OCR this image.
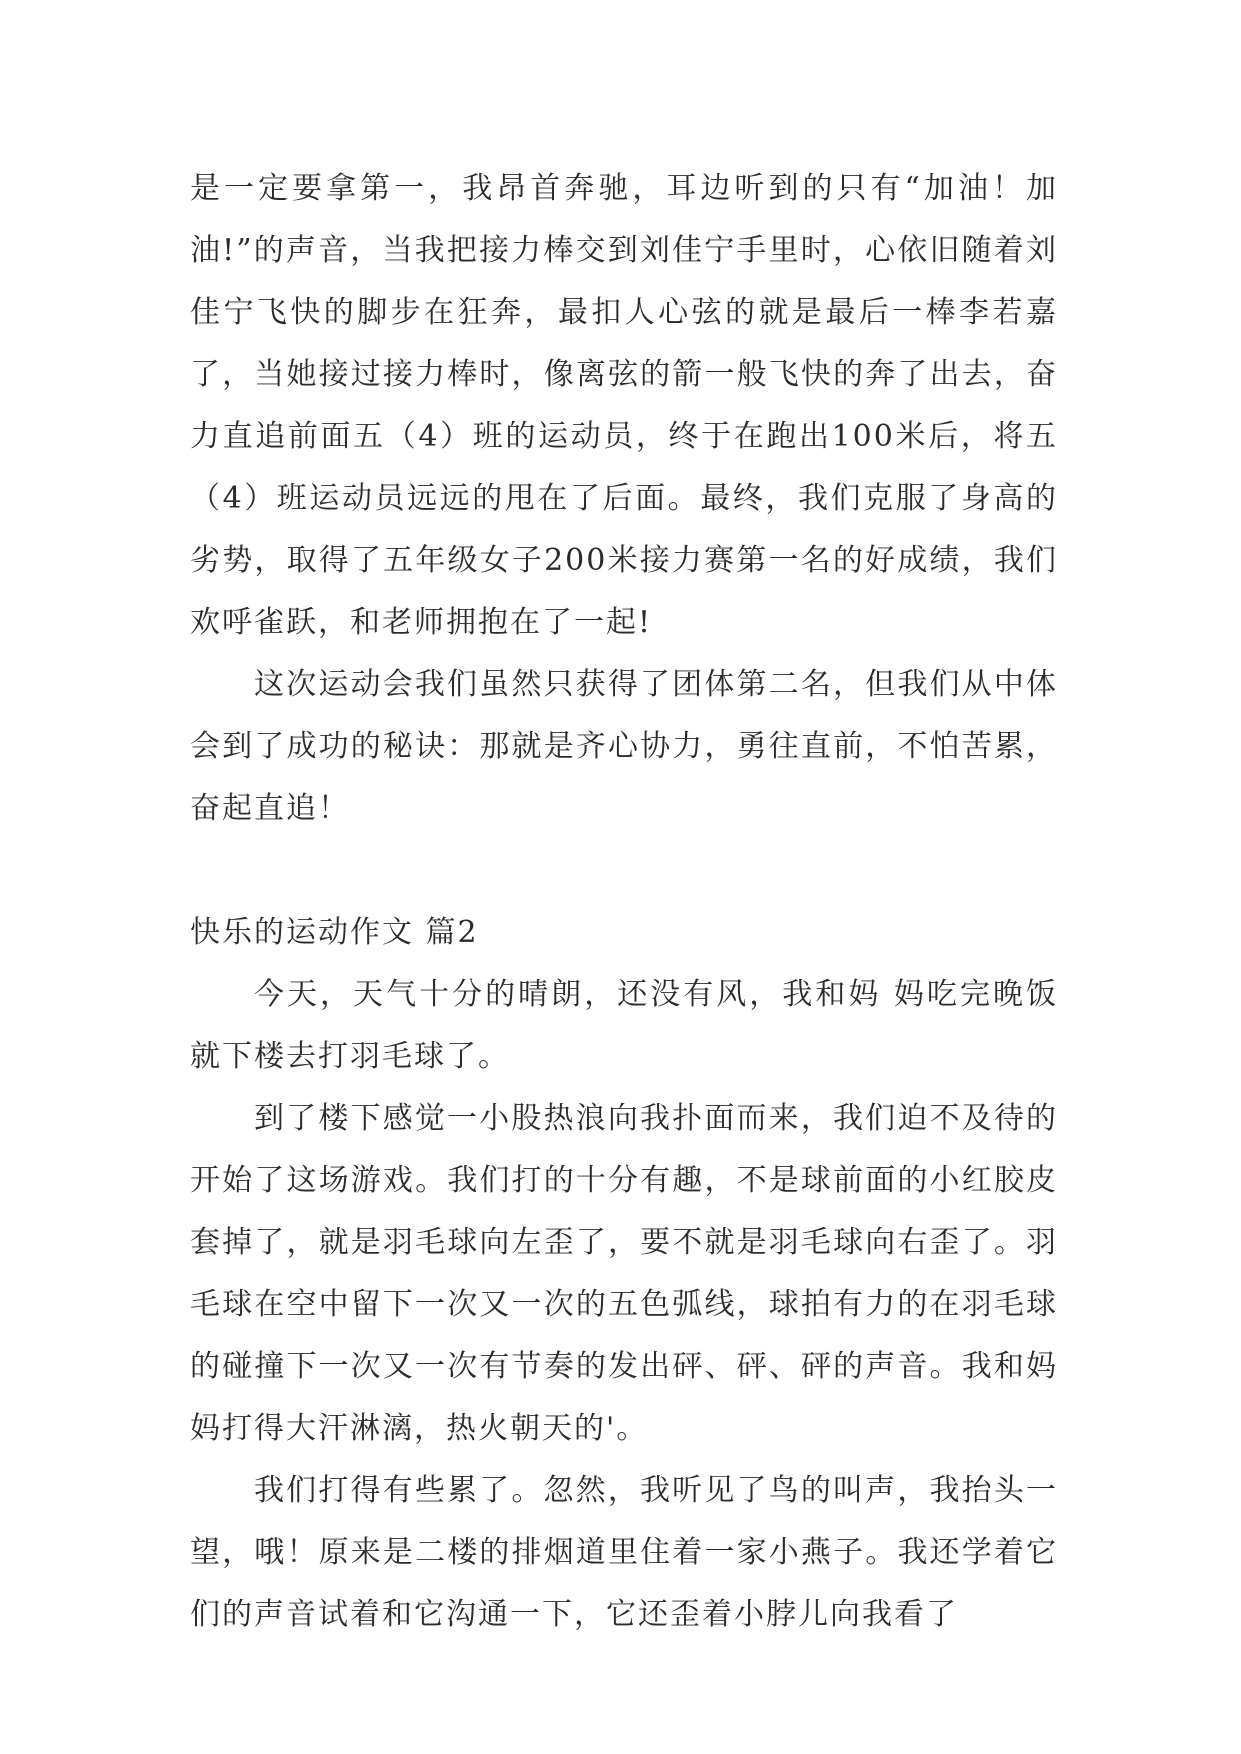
是一定要拿第一，我昂首奔驰，耳边听到的只有“加油！加油!”的声音，当我把接力棒交到刘佳宁手里时，心依旧随着刘佳宁飞快的脚步在狂奔，最扣人心弦的就是最后一棒李若嘉了，当她接过接力棒时，像离弦的箭一般飞快的奔了出去，奋力直追前面五（4）班的运动员，终于在跑出100米后，将五（4）班运动员远远的甩在了后面。最终，我们克服了身高的劣势，取得了五年级女子200米接力赛第一名的好成绩，我们欢呼雀跃，和老师拥抱在了一起!

这次运动会我们虽然只获得了团体第二名，但我们从中体会到了成功的秘诀：那就是齐心协力，勇往直前，不怕苦累，奋起直追！

快乐的运动作文 篇2

今天，天气十分的晴朗，还没有风，我和妈 妈吃完晚饭就下楼去打羽毛球了。

到了楼下感觉一小股热浪向我扑面而来，我们迫不及待的开始了这场游戏。我们打的十分有趣，不是球前面的小红胶皮套掉了，就是羽毛球向左歪了，要不就是羽毛球向右歪了。羽毛球在空中留下一次又一次的五色弧线，球拍有力的在羽毛球的碰撞下一次又一次有节奏的发出砰、砰、砰的声音。我和妈 妈打得大汗淋漓，热火朝天的'。

我们打得有些累了。忽然，我听见了鸟的叫声，我抬头一望，哦！原来是二楼的排烟道里住着一家小燕子。我还学着它们的声音试着和它沟通一下，它还歪着小脖儿向我看了
